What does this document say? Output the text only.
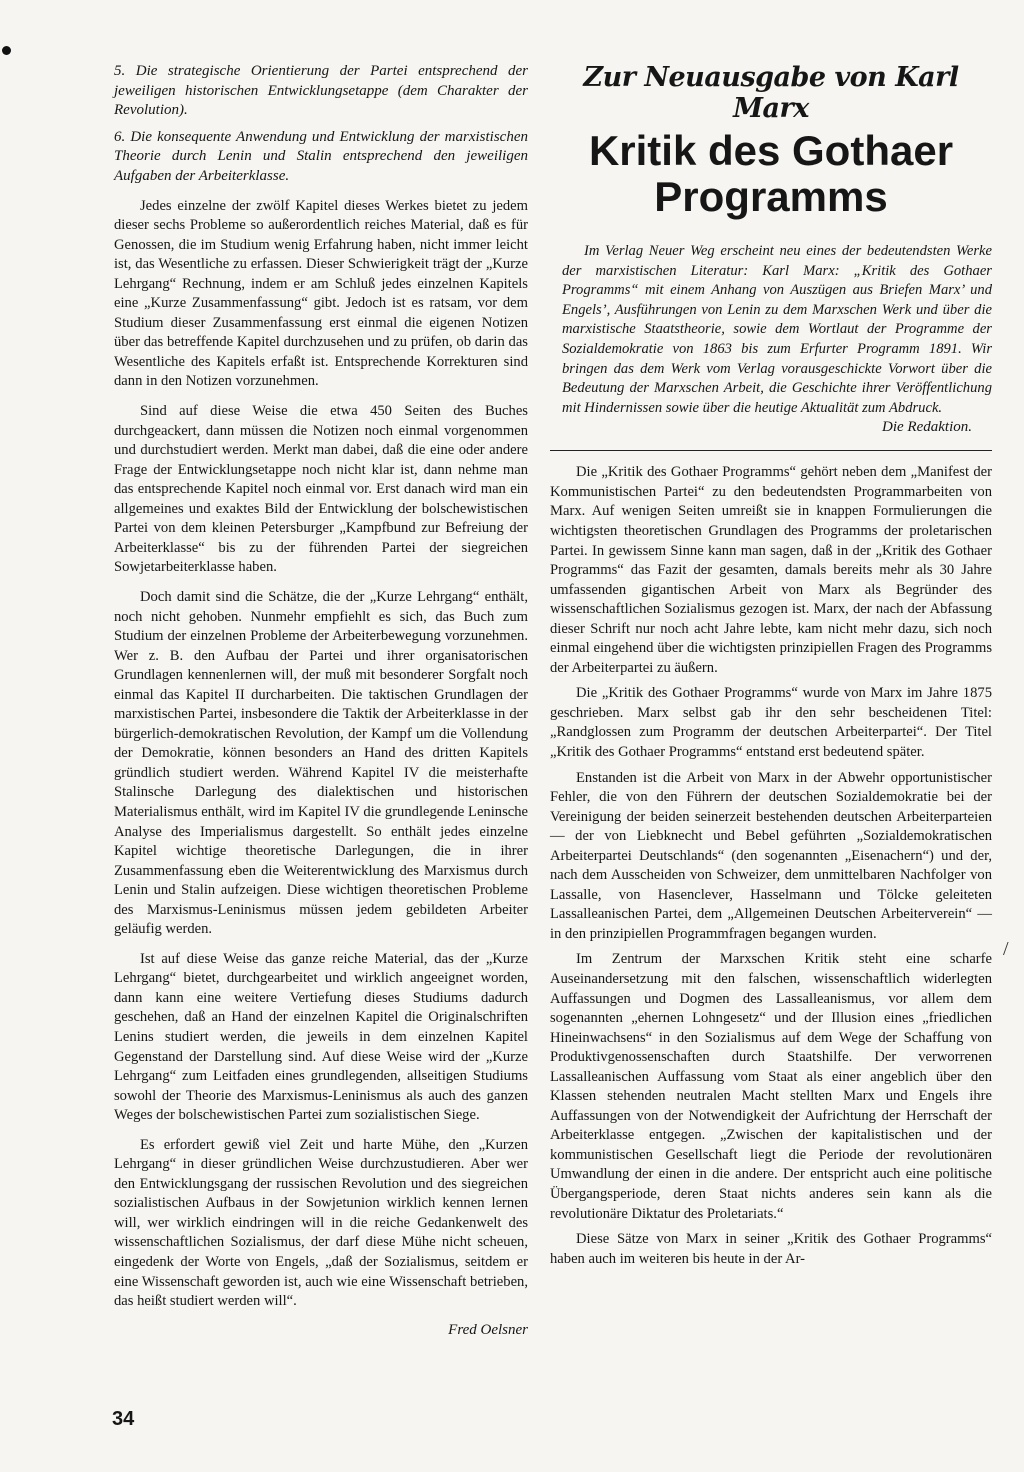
/

5. Die strategische Orientierung der Partei entsprechend der jeweiligen historischen Entwicklungsetappe (dem Charakter der Revolution).

6. Die konsequente Anwendung und Entwicklung der marxistischen Theorie durch Lenin und Stalin entsprechend den jeweiligen Aufgaben der Arbeiterklasse.

Jedes einzelne der zwölf Kapitel dieses Werkes bietet zu jedem dieser sechs Probleme so außerordentlich reiches Material, daß es für Genossen, die im Studium wenig Erfahrung haben, nicht immer leicht ist, das Wesentliche zu erfassen. Dieser Schwierigkeit trägt der „Kurze Lehrgang“ Rechnung, indem er am Schluß jedes einzelnen Kapitels eine „Kurze Zusammenfassung“ gibt. Jedoch ist es ratsam, vor dem Studium dieser Zusammenfassung erst einmal die eigenen Notizen über das betreffende Kapitel durchzusehen und zu prüfen, ob darin das Wesentliche des Kapitels erfaßt ist. Entsprechende Korrekturen sind dann in den Notizen vorzunehmen.

Sind auf diese Weise die etwa 450 Seiten des Buches durchgeackert, dann müssen die Notizen noch einmal vorgenommen und durchstudiert werden. Merkt man dabei, daß die eine oder andere Frage der Entwicklungsetappe noch nicht klar ist, dann nehme man das entsprechende Kapitel noch einmal vor. Erst danach wird man ein allgemeines und exaktes Bild der Entwicklung der bolschewistischen Partei von dem kleinen Petersburger „Kampfbund zur Befreiung der Arbeiterklasse“ bis zu der führenden Partei der siegreichen Sowjetarbeiterklasse haben.

Doch damit sind die Schätze, die der „Kurze Lehrgang“ enthält, noch nicht gehoben. Nunmehr empfiehlt es sich, das Buch zum Studium der einzelnen Probleme der Arbeiterbewegung vorzunehmen. Wer z. B. den Aufbau der Partei und ihrer organisatorischen Grundlagen kennenlernen will, der muß mit besonderer Sorgfalt noch einmal das Kapitel II durcharbeiten. Die taktischen Grundlagen der marxistischen Partei, insbesondere die Taktik der Arbeiterklasse in der bürgerlich-demokratischen Revolution, der Kampf um die Vollendung der Demokratie, können besonders an Hand des dritten Kapitels gründlich studiert werden. Während Kapitel IV die meisterhafte Stalinsche Darlegung des dialektischen und historischen Materialismus enthält, wird im Kapitel IV die grundlegende Leninsche Analyse des Imperialismus dargestellt. So enthält jedes einzelne Kapitel wichtige theoretische Darlegungen, die in ihrer Zusammenfassung eben die Weiterentwicklung des Marxismus durch Lenin und Stalin aufzeigen. Diese wichtigen theoretischen Probleme des Marxismus-Leninismus müssen jedem gebildeten Arbeiter geläufig werden.

Ist auf diese Weise das ganze reiche Material, das der „Kurze Lehrgang“ bietet, durchgearbeitet und wirklich angeeignet worden, dann kann eine weitere Vertiefung dieses Studiums dadurch geschehen, daß an Hand der einzelnen Kapitel die Originalschriften Lenins studiert werden, die jeweils in dem einzelnen Kapitel Gegenstand der Darstellung sind. Auf diese Weise wird der „Kurze Lehrgang“ zum Leitfaden eines grundlegenden, allseitigen Studiums sowohl der Theorie des Marxismus-Leninismus als auch des ganzen Weges der bolschewistischen Partei zum sozialistischen Siege.

Es erfordert gewiß viel Zeit und harte Mühe, den „Kurzen Lehrgang“ in dieser gründlichen Weise durchzustudieren. Aber wer den Entwicklungsgang der russischen Revolution und des siegreichen sozialistischen Aufbaus in der Sowjetunion wirklich kennen lernen will, wer wirklich eindringen will in die reiche Gedankenwelt des wissenschaftlichen Sozialismus, der darf diese Mühe nicht scheuen, eingedenk der Worte von Engels, „daß der Sozialismus, seitdem er eine Wissenschaft geworden ist, auch wie eine Wissenschaft betrieben, das heißt studiert werden will“.

Fred Oelsner
Zur Neuausgabe von Karl Marx
Kritik des Gothaer Programms

Im Verlag Neuer Weg erscheint neu eines der bedeutendsten Werke der marxistischen Literatur: Karl Marx: „Kritik des Gothaer Programms“ mit einem Anhang von Auszügen aus Briefen Marx’ und Engels’, Ausführungen von Lenin zu dem Marxschen Werk und über die marxistische Staatstheorie, sowie dem Wortlaut der Programme der Sozialdemokratie von 1863 bis zum Erfurter Programm 1891. Wir bringen das dem Werk vom Verlag vorausgeschickte Vorwort über die Bedeutung der Marxschen Arbeit, die Geschichte ihrer Veröffentlichung mit Hindernissen sowie über die heutige Aktualität zum Abdruck.

Die Redaktion.

Die „Kritik des Gothaer Programms“ gehört neben dem „Manifest der Kommunistischen Partei“ zu den bedeutendsten Programmarbeiten von Marx. Auf wenigen Seiten umreißt sie in knappen Formulierungen die wichtigsten theoretischen Grundlagen des Programms der proletarischen Partei. In gewissem Sinne kann man sagen, daß in der „Kritik des Gothaer Programms“ das Fazit der gesamten, damals bereits mehr als 30 Jahre umfassenden gigantischen Arbeit von Marx als Begründer des wissenschaftlichen Sozialismus gezogen ist. Marx, der nach der Abfassung dieser Schrift nur noch acht Jahre lebte, kam nicht mehr dazu, sich noch einmal eingehend über die wichtigsten prinzipiellen Fragen des Programms der Arbeiterpartei zu äußern.

Die „Kritik des Gothaer Programms“ wurde von Marx im Jahre 1875 geschrieben. Marx selbst gab ihr den sehr bescheidenen Titel: „Randglossen zum Programm der deutschen Arbeiterpartei“. Der Titel „Kritik des Gothaer Programms“ entstand erst bedeutend später.

Enstanden ist die Arbeit von Marx in der Abwehr opportunistischer Fehler, die von den Führern der deutschen Sozialdemokratie bei der Vereinigung der beiden seinerzeit bestehenden deutschen Arbeiterparteien — der von Liebknecht und Bebel geführten „Sozialdemokratischen Arbeiterpartei Deutschlands“ (den sogenannten „Eisenachern“) und der, nach dem Ausscheiden von Schweizer, dem unmittelbaren Nachfolger von Lassalle, von Hasenclever, Hasselmann und Tölcke geleiteten Lassalleanischen Partei, dem „Allgemeinen Deutschen Arbeiterverein“ — in den prinzipiellen Programmfragen begangen wurden.

Im Zentrum der Marxschen Kritik steht eine scharfe Auseinandersetzung mit den falschen, wissenschaftlich widerlegten Auffassungen und Dogmen des Lassalleanismus, vor allem dem sogenannten „ehernen Lohngesetz“ und der Illusion eines „friedlichen Hineinwachsens“ in den Sozialismus auf dem Wege der Schaffung von Produktivgenossenschaften durch Staatshilfe. Der verworrenen Lassalleanischen Auffassung vom Staat als einer angeblich über den Klassen stehenden neutralen Macht stellten Marx und Engels ihre Auffassungen von der Notwendigkeit der Aufrichtung der Herrschaft der Arbeiterklasse entgegen. „Zwischen der kapitalistischen und der kommunistischen Gesellschaft liegt die Periode der revolutionären Umwandlung der einen in die andere. Der entspricht auch eine politische Übergangsperiode, deren Staat nichts anderes sein kann als die revolutionäre Diktatur des Proletariats.“

Diese Sätze von Marx in seiner „Kritik des Gothaer Programms“ haben auch im weiteren bis heute in der Ar-

34
